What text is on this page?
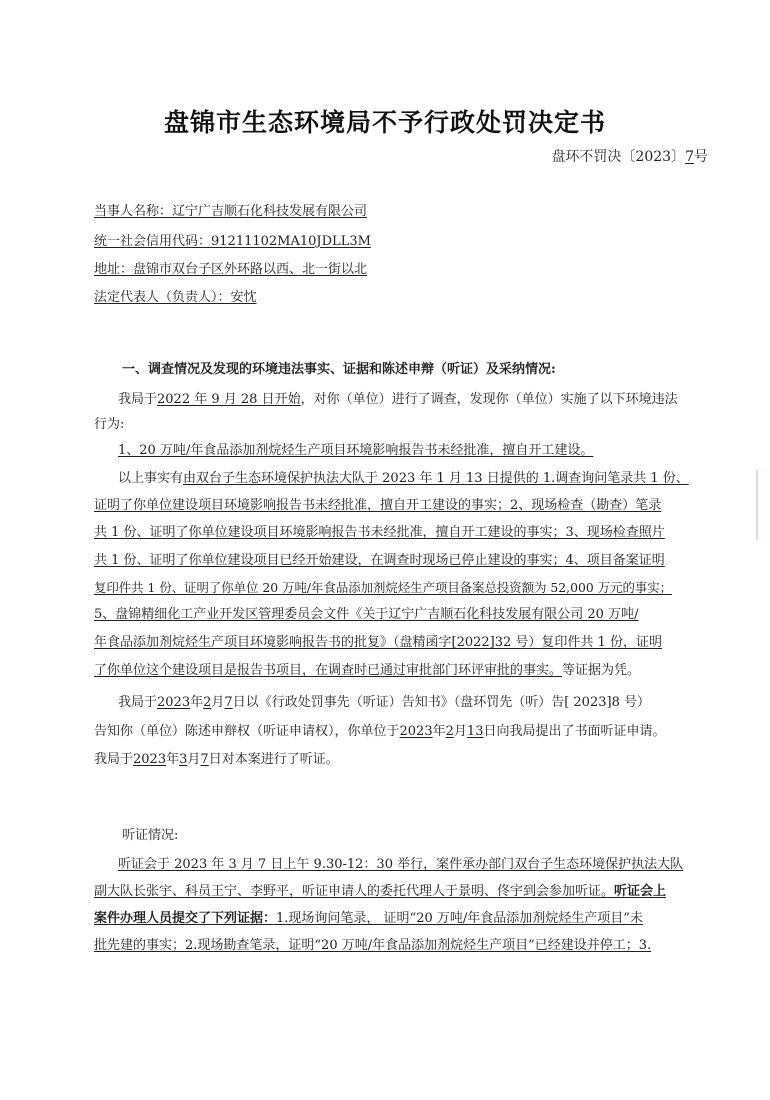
盘锦市生态环境局不予行政处罚决定书
盘环不罚决〔2023〕7号
当事人名称：辽宁广吉顺石化科技发展有限公司
统一社会信用代码：91211102MA10JDLL3M
地址：盘锦市双台子区外环路以西、北一街以北
法定代表人（负责人）：安忱
一、调查情况及发现的环境违法事实、证据和陈述申辩（听证）及采纳情况:
我局于2022 年 9 月 28 日开始，对你（单位）进行了调查，发现你（单位）实施了以下环境违法
行为:
1、20 万吨/年食品添加剂烷烃生产项目环境影响报告书未经批准，擅自开工建设。
以上事实有由双台子生态环境保护执法大队于 2023 年 1 月 13 日提供的 1.调查询问笔录共 1 份、
证明了你单位建设项目环境影响报告书未经批准，擅自开工建设的事实；2、现场检查（勘查）笔录
共 1 份、证明了你单位建设项目环境影响报告书未经批准，擅自开工建设的事实；3、现场检查照片
共 1 份、证明了你单位建设项目已经开始建设，在调查时现场已停止建设的事实；4、项目备案证明
复印件共 1 份、证明了你单位 20 万吨/年食品添加剂烷烃生产项目备案总投资额为 52,000 万元的事实；
5、盘锦精细化工产业开发区管理委员会文件《关于辽宁广吉顺石化科技发展有限公司 20 万吨/
年食品添加剂烷烃生产项目环境影响报告书的批复》（盘精函字[2022]32 号）复印件共 1 份，证明
了你单位这个建设项目是报告书项目，在调查时已通过审批部门环评审批的事实。等证据为凭。
我局于2023年2月7日以《行政处罚事先（听证）告知书》（盘环罚先（听）告[ 2023]8 号）
告知你（单位）陈述申辩权（听证申请权），你单位于2023年2月13日向我局提出了书面听证申请。
我局于2023年3月7日对本案进行了听证。
听证情况:
听证会于 2023 年 3 月 7 日上午 9.30-12：30 举行，案件承办部门双台子生态环境保护执法大队
副大队长张宇、科员王宁、李野平，听证申请人的委托代理人于景明、佟宇到会参加听证。听证会上
案件办理人员提交了下列证据：1.现场询问笔录， 证明“20 万吨/年食品添加剂烷烃生产项目”未
批先建的事实；2.现场勘查笔录，证明“20 万吨/年食品添加剂烷烃生产项目”已经建设并停工；3.
